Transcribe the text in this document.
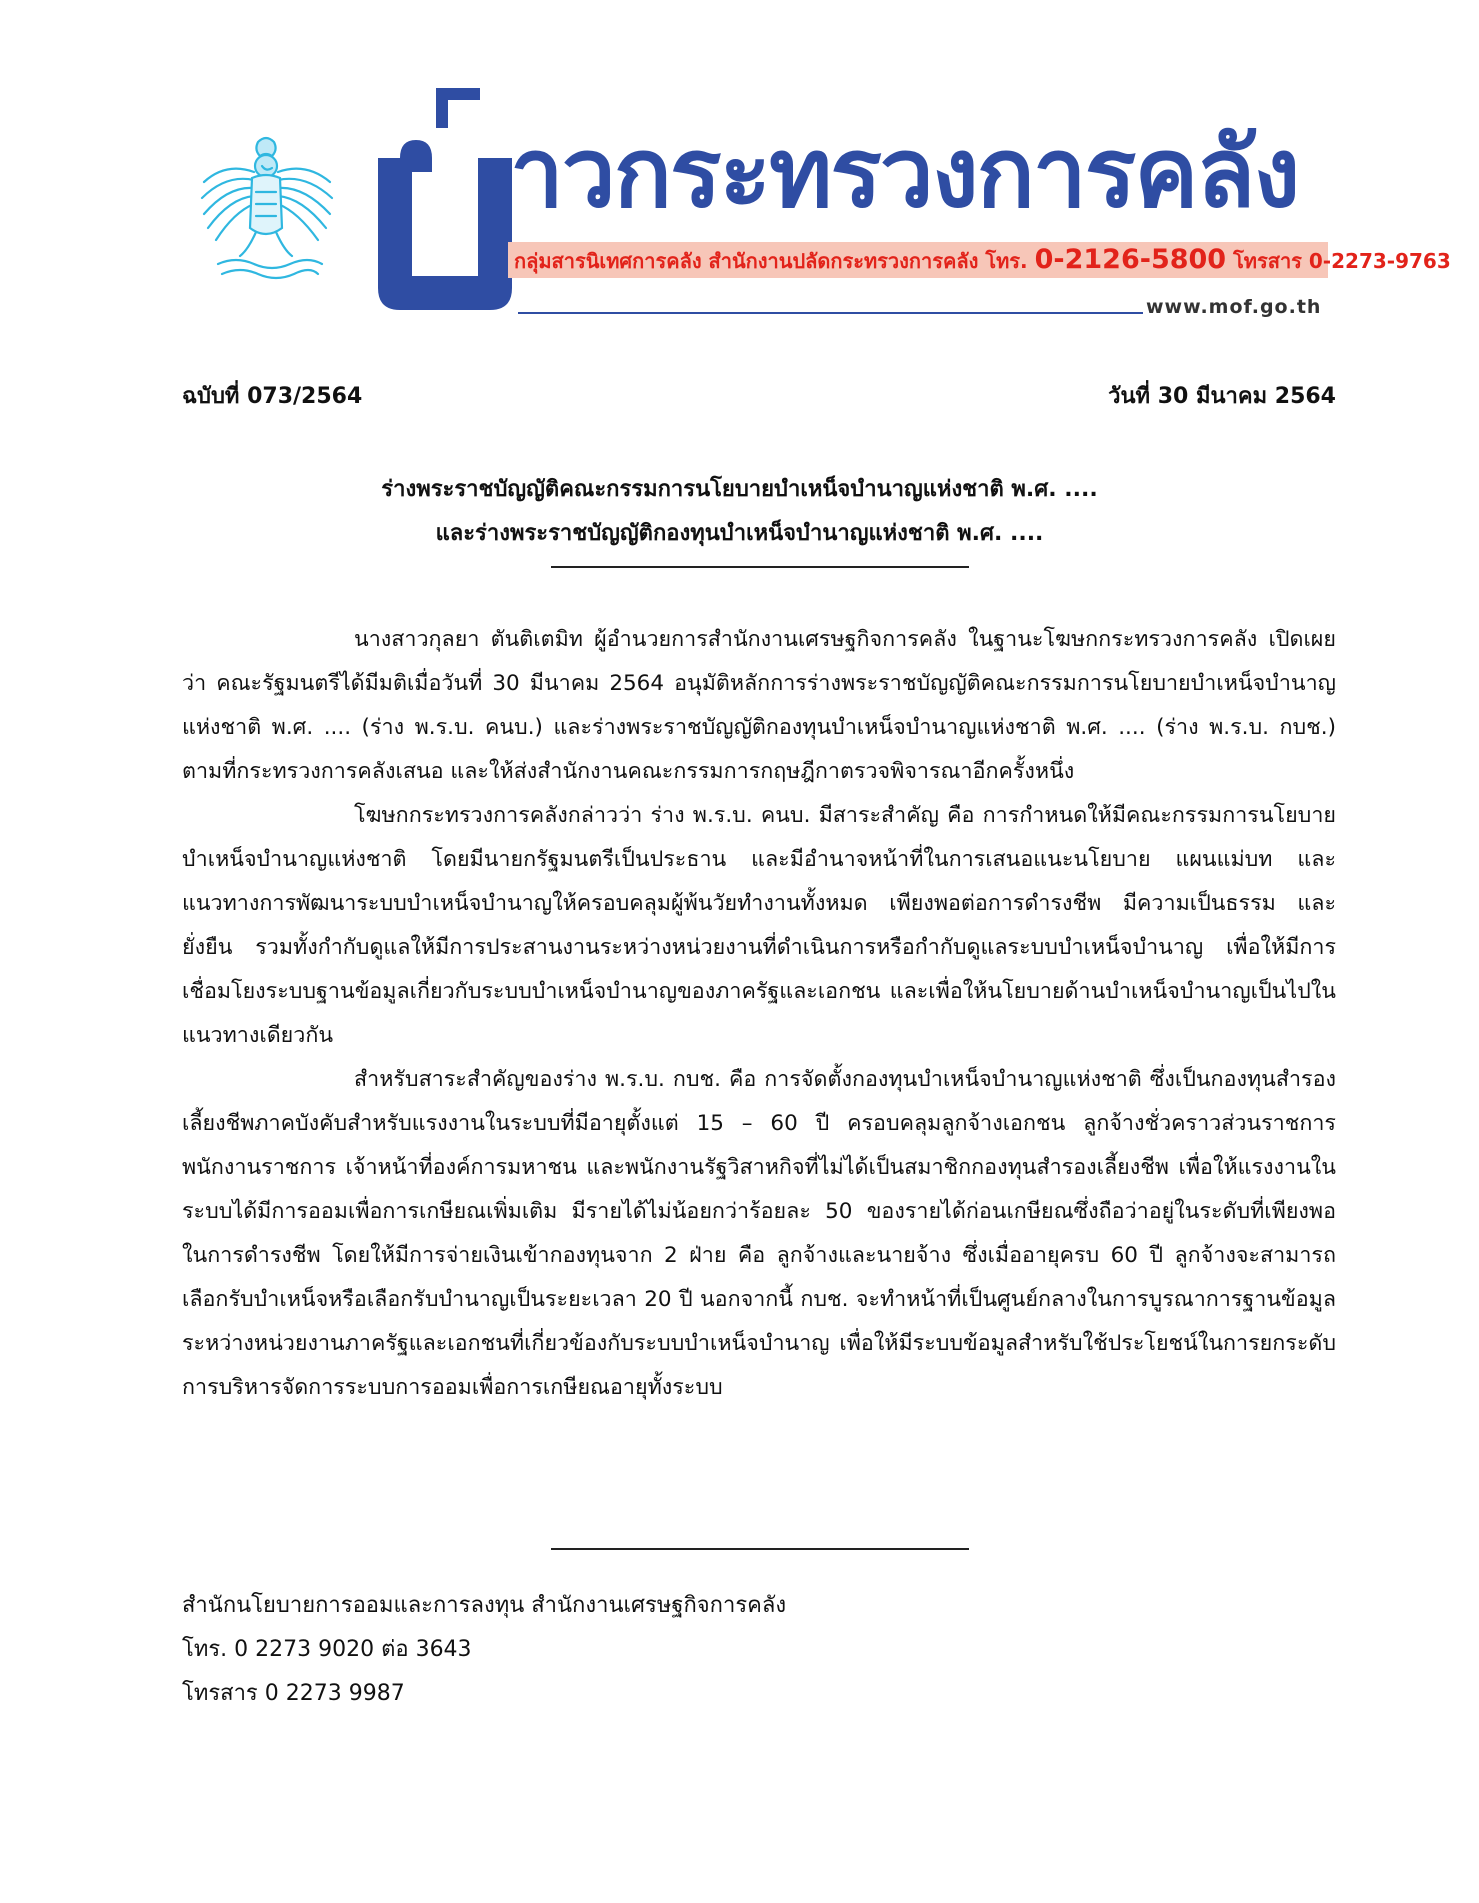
าวกระทรวงการคลัง
กลุ่มสารนิเทศการคลัง สำนักงานปลัดกระทรวงการคลัง โทร. 0-2126-5800 โทรสาร 0-2273-9763
www.mof.go.th
ฉบับที่ 073/2564	วันที่ 30 มีนาคม 2564
ร่างพระราชบัญญัติคณะกรรมการนโยบายบำเหน็จบำนาญแห่งชาติ พ.ศ. ....
และร่างพระราชบัญญัติกองทุนบำเหน็จบำนาญแห่งชาติ พ.ศ. ....

นางสาวกุลยา ตันติเตมิท ผู้อำนวยการสำนักงานเศรษฐกิจการคลัง ในฐานะโฆษกกระทรวงการคลัง เปิดเผยว่า คณะรัฐมนตรีได้มีมติเมื่อวันที่ 30 มีนาคม 2564 อนุมัติหลักการร่างพระราชบัญญัติคณะกรรมการนโยบายบำเหน็จบำนาญแห่งชาติ พ.ศ. .... (ร่าง พ.ร.บ. คนบ.) และร่างพระราชบัญญัติกองทุนบำเหน็จบำนาญแห่งชาติ พ.ศ. .... (ร่าง พ.ร.บ. กบช.) ตามที่กระทรวงการคลังเสนอ และให้ส่งสำนักงานคณะกรรมการกฤษฎีกาตรวจพิจารณาอีกครั้งหนึ่ง

โฆษกกระทรวงการคลังกล่าวว่า ร่าง พ.ร.บ. คนบ. มีสาระสำคัญ คือ การกำหนดให้มีคณะกรรมการนโยบายบำเหน็จบำนาญแห่งชาติ โดยมีนายกรัฐมนตรีเป็นประธาน และมีอำนาจหน้าที่ในการเสนอแนะนโยบาย แผนแม่บท และแนวทางการพัฒนาระบบบำเหน็จบำนาญให้ครอบคลุมผู้พ้นวัยทำงานทั้งหมด เพียงพอต่อการดำรงชีพ มีความเป็นธรรม และยั่งยืน รวมทั้งกำกับดูแลให้มีการประสานงานระหว่างหน่วยงานที่ดำเนินการหรือกำกับดูแลระบบบำเหน็จบำนาญ เพื่อให้มีการเชื่อมโยงระบบฐานข้อมูลเกี่ยวกับระบบบำเหน็จบำนาญของภาครัฐและเอกชน และเพื่อให้นโยบายด้านบำเหน็จบำนาญเป็นไปในแนวทางเดียวกัน

สำหรับสาระสำคัญของร่าง พ.ร.บ. กบช. คือ การจัดตั้งกองทุนบำเหน็จบำนาญแห่งชาติ ซึ่งเป็นกองทุนสำรองเลี้ยงชีพภาคบังคับสำหรับแรงงานในระบบที่มีอายุตั้งแต่ 15 – 60 ปี ครอบคลุมลูกจ้างเอกชน ลูกจ้างชั่วคราวส่วนราชการ พนักงานราชการ เจ้าหน้าที่องค์การมหาชน และพนักงานรัฐวิสาหกิจที่ไม่ได้เป็นสมาชิกกองทุนสำรองเลี้ยงชีพ เพื่อให้แรงงานในระบบได้มีการออมเพื่อการเกษียณเพิ่มเติม มีรายได้ไม่น้อยกว่าร้อยละ 50 ของรายได้ก่อนเกษียณซึ่งถือว่าอยู่ในระดับที่เพียงพอในการดำรงชีพ โดยให้มีการจ่ายเงินเข้ากองทุนจาก 2 ฝ่าย คือ ลูกจ้างและนายจ้าง ซึ่งเมื่ออายุครบ 60 ปี ลูกจ้างจะสามารถเลือกรับบำเหน็จหรือเลือกรับบำนาญเป็นระยะเวลา 20 ปี นอกจากนี้ กบช. จะทำหน้าที่เป็นศูนย์กลางในการบูรณาการฐานข้อมูลระหว่างหน่วยงานภาครัฐและเอกชนที่เกี่ยวข้องกับระบบบำเหน็จบำนาญ เพื่อให้มีระบบข้อมูลสำหรับใช้ประโยชน์ในการยกระดับการบริหารจัดการระบบการออมเพื่อการเกษียณอายุทั้งระบบ

สำนักนโยบายการออมและการลงทุน สำนักงานเศรษฐกิจการคลัง
โทร. 0 2273 9020 ต่อ 3643
โทรสาร 0 2273 9987
